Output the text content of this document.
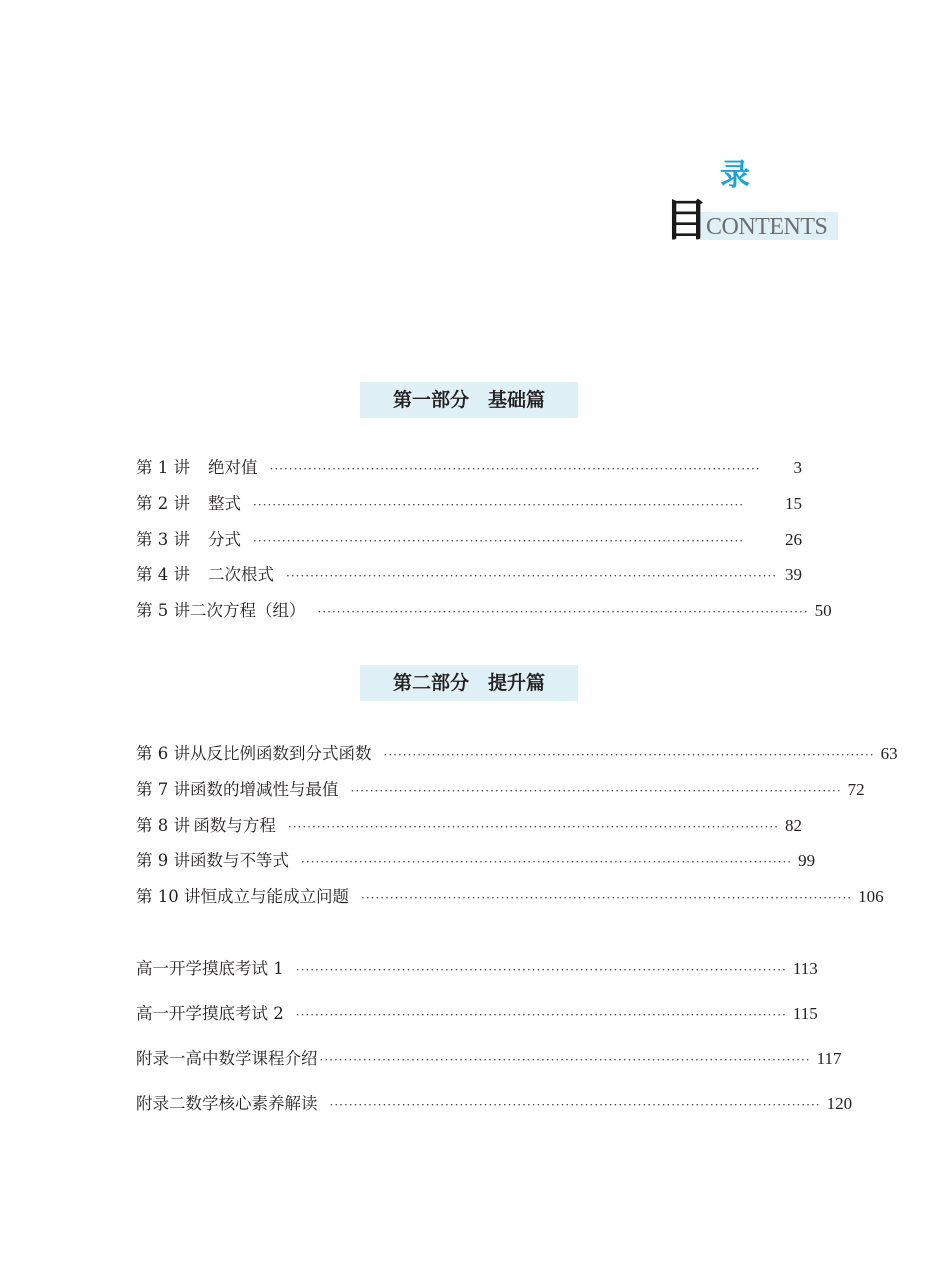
录
目
CONTENTS
第一部分　基础篇
第 1 讲 绝对值 ······································································································	3
第 2 讲 整式 ······································································································	15
第 3 讲 分式 ······································································································	26
第 4 讲 二次根式 ······································································································ 39
第 5 讲 二次方程（组） ······································································································ 50
第二部分　提升篇
第 6 讲 从反比例函数到分式函数 ······································································································ 63
第 7 讲 函数的增减性与最值 ······································································································ 72
第 8 讲 函数与方程 ······································································································ 82
第 9 讲 函数与不等式 ······································································································ 99
第 10 讲 恒成立与能成立问题 ······································································································ 106
高一开学摸底考试 1 ······································································································ 113
高一开学摸底考试 2 ······································································································ 115
附录一 高中数学课程介绍 ······································································································ 117
附录二 数学核心素养解读 ······································································································ 120
